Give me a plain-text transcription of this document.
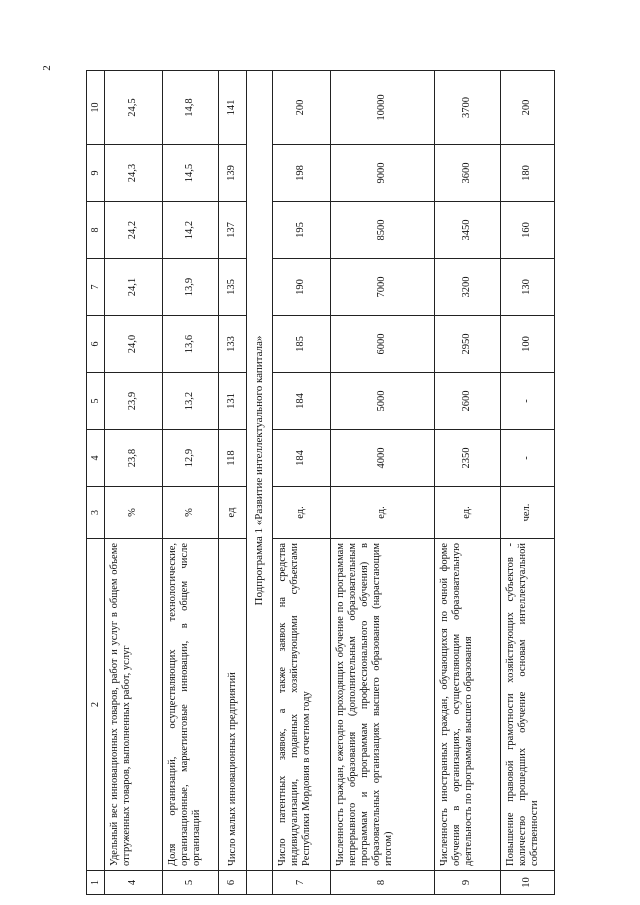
2
1	2	3	4	5	6	7	8	9	10
4	Удельный вес инновационных товаров, работ и услуг в общем объеме отгруженных товаров, выполненных работ, услуг	%	23,8	23,9	24,0	24,1	24,2	24,3	24,5
5	Доля организаций, осуществляющих технологические, организационные, маркетинговые инновации, в общем числе организаций	%	12,9	13,2	13,6	13,9	14,2	14,5	14,8
6	Число малых инновационных предприятий	ед	118	131	133	135	137	139	141
	Подпрограмма 1 «Развитие интеллектуального капитала»								
7	Число патентных заявок, а также заявок на средства индивидуализации, поданных хозяйствующими субъектами Республики Мордовия в отчетном году	ед.	184	184	185	190	195	198	200
8	Численность граждан, ежегодно проходящих обучение по программам непрерывного образования (дополнительным образовательным программам и программам профессионального обучения) в образовательных организациях высшего образования (нарастающим итогом)	ед.	4000	5000	6000	7000	8500	9000	10000
9	Численность иностранных граждан, обучающихся по очной форме обучения в организациях, осуществляющим образовательную деятельность по программам высшего образования	ед.	2350	2600	2950	3200	3450	3600	3700
10	Повышение правовой грамотности хозяйствующих субъектов - количество прошедших обучение основам интеллектуальной собственности	чел.	-	-	100	130	160	180	200
